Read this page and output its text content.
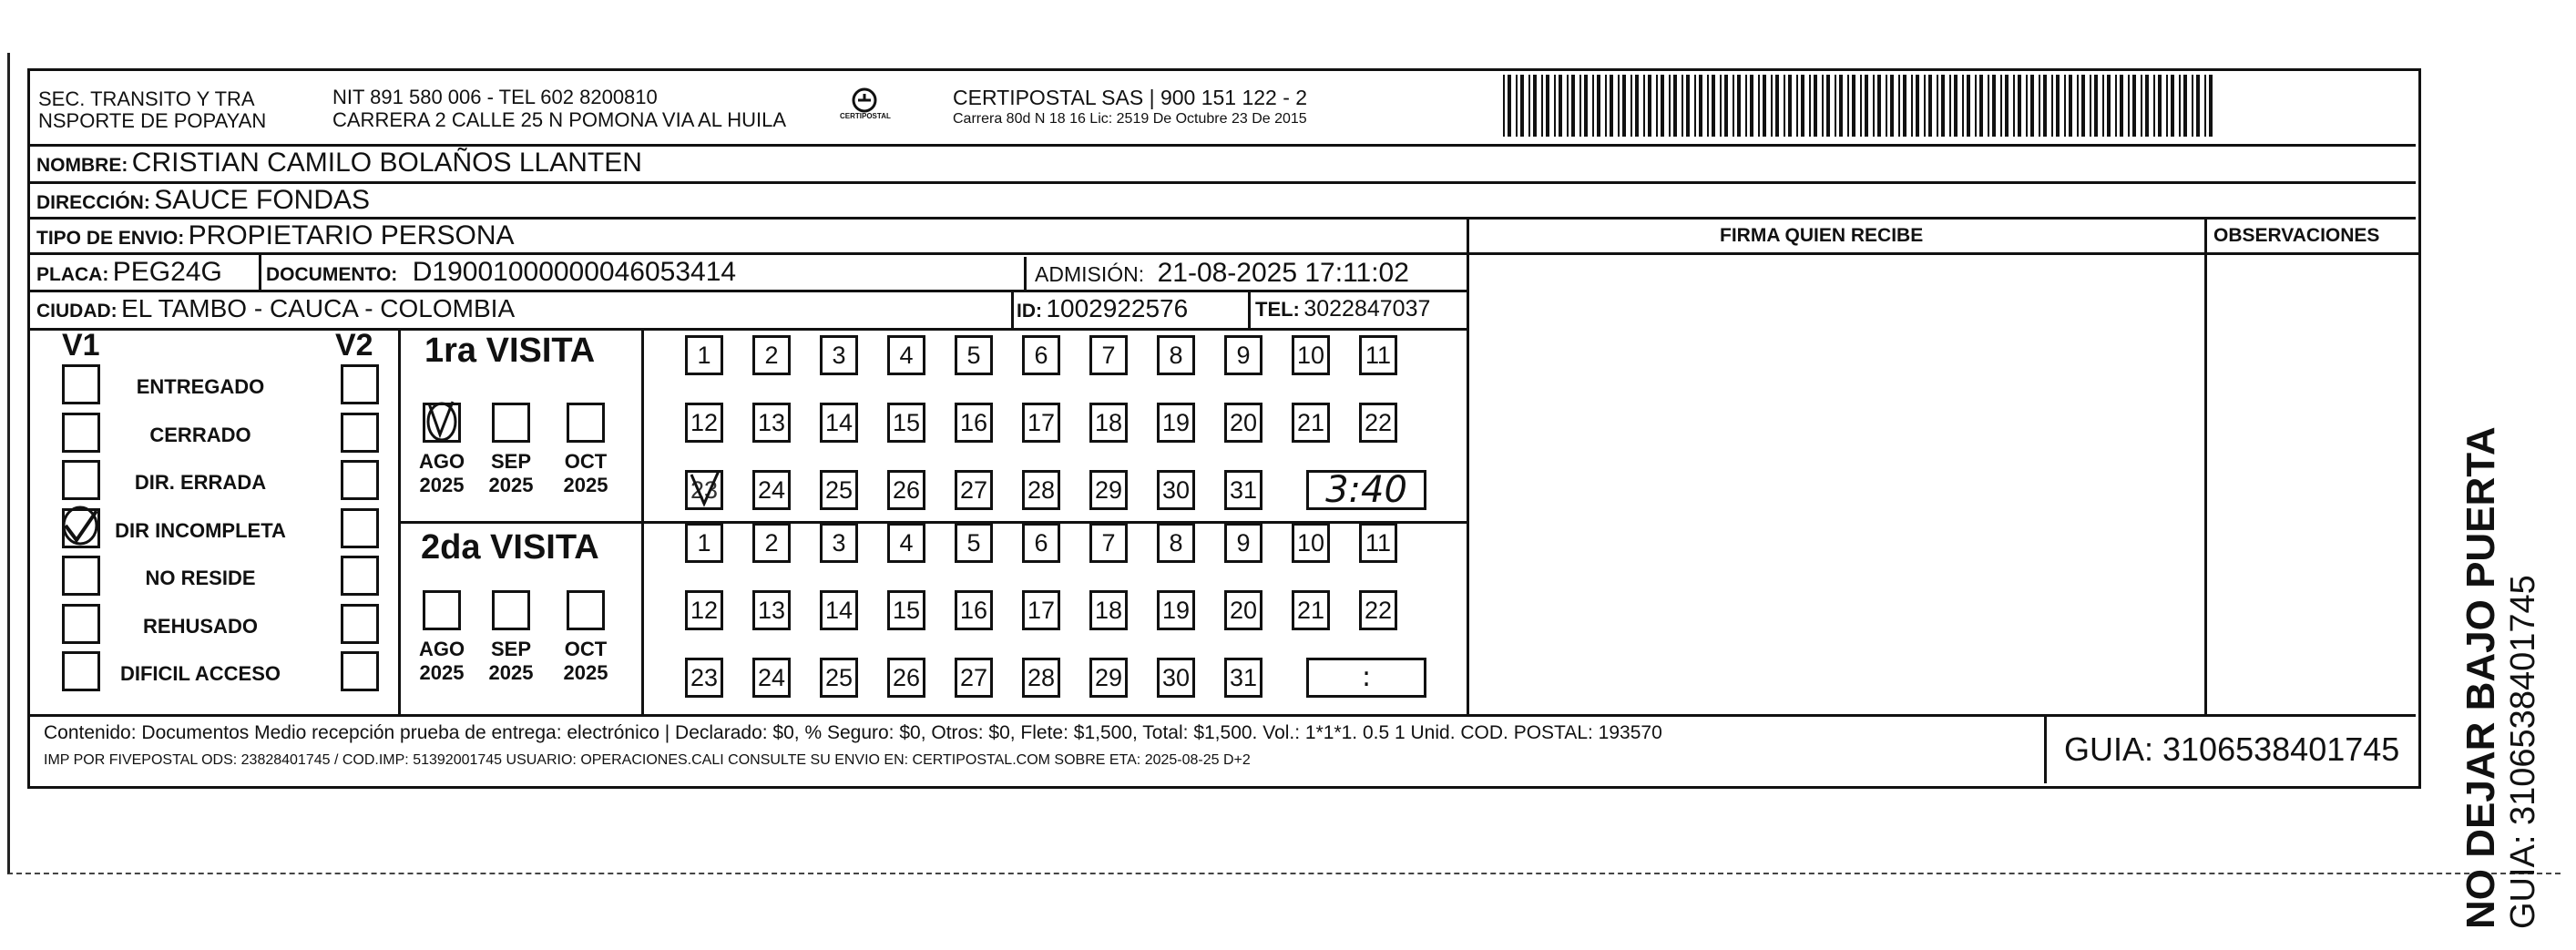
SEC. TRANSITO Y TRA
NSPORTE DE POPAYAN
NIT 891 580 006 - TEL 602 8200810
CARRERA 2 CALLE 25 N POMONA VIA AL HUILA	CERTIPOSTAL
CERTIPOSTAL SAS | 900 151 122 - 2
Carrera 80d N 18 16 Lic: 2519 De Octubre 23 De 2015
NOMBRE: CRISTIAN CAMILO BOLAÑOS LLANTEN
DIRECCIÓN: SAUCE FONDAS
TIPO DE ENVIO: PROPIETARIO PERSONA	FIRMA QUIEN RECIBE	OBSERVACIONES
PLACA: PEG24G DOCUMENTO: D19001000000046053414	ADMISIÓN: 21-08-2025 17:11:02
CIUDAD: EL TAMBO - CAUCA - COLOMBIA	ID: 1002922576	TEL: 3022847037
V1	V2
ENTREGADO
CERRADO
DIR. ERRADA
DIR INCOMPLETA
NO RESIDE
REHUSADO
DIFICIL ACCESO
1ra VISITA
2da VISITA
AGO
2025
SEP
2025
OCT
2025
1	2	3	4	5	6	7	8	9	10 11
12 13 14 15 16 17 18 19 20 21 22
23 24 25 26 27 28 29 30 31	3:40
AGO
2025
SEP
2025
OCT
2025
1	2	3	4	5	6	7	8	9	10 11
12 13 14 15 16 17 18 19 20 21 22
23 24 25 26 27 28 29 30 31	:
Contenido: Documentos Medio recepción prueba de entrega: electrónico | Declarado: $0, % Seguro: $0, Otros: $0, Flete: $1,500, Total: $1,500. Vol.: 1*1*1. 0.5 1 Unid. COD. POSTAL: 193570
IMP POR FIVEPOSTAL ODS: 23828401745 / COD.IMP: 51392001745 USUARIO: OPERACIONES.CALI CONSULTE SU ENVIO EN: CERTIPOSTAL.COM SOBRE ETA: 2025-08-25 D+2	GUIA: 3106538401745 NO DEJAR BAJO PUERTA GUIA: 3106538401745
